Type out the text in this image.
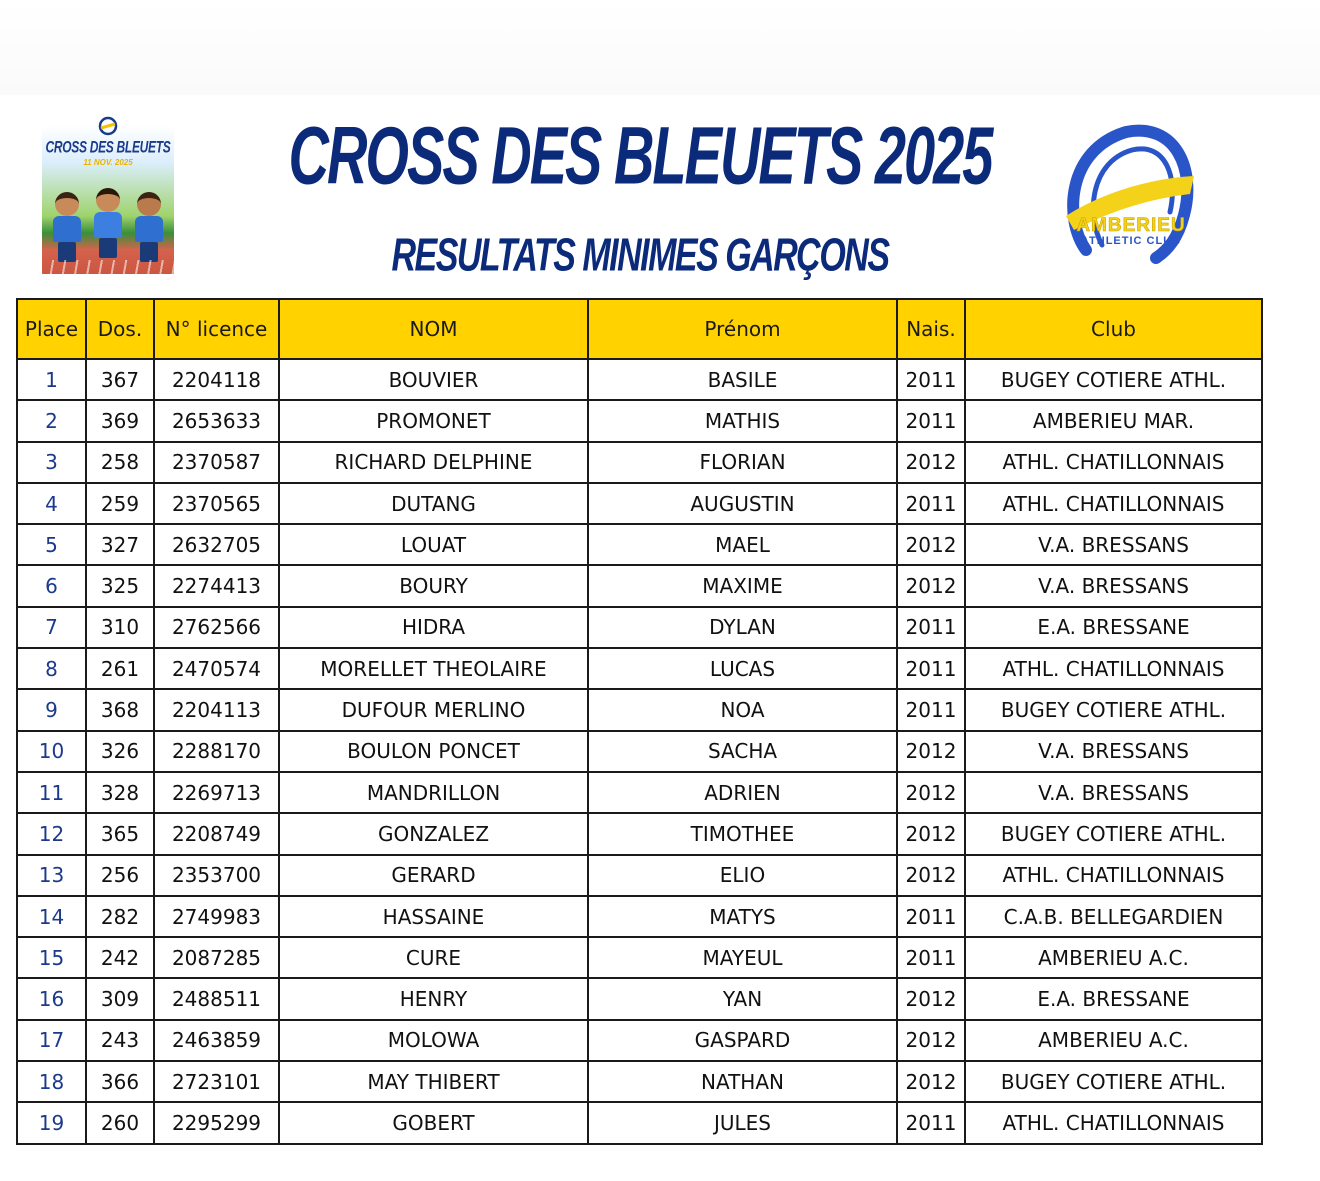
CROSS DES BLEUETS
11 NOV. 2025	CROSS DES BLEUETS 2025
RESULTATS MINIMES GARÇONS
AMBERIEU
ATHLETIC CLUB
Place	Dos.	N° licence	NOM	Prénom	Nais.	Club
1	367	2204118	BOUVIER	BASILE	2011	BUGEY COTIERE ATHL.
2	369	2653633	PROMONET	MATHIS	2011	AMBERIEU MAR.
3	258	2370587	RICHARD DELPHINE	FLORIAN	2012	ATHL. CHATILLONNAIS
4	259	2370565	DUTANG	AUGUSTIN	2011	ATHL. CHATILLONNAIS
5	327	2632705	LOUAT	MAEL	2012	V.A. BRESSANS
6	325	2274413	BOURY	MAXIME	2012	V.A. BRESSANS
7	310	2762566	HIDRA	DYLAN	2011	E.A. BRESSANE
8	261	2470574	MORELLET THEOLAIRE	LUCAS	2011	ATHL. CHATILLONNAIS
9	368	2204113	DUFOUR MERLINO	NOA	2011	BUGEY COTIERE ATHL.
10	326	2288170	BOULON PONCET	SACHA	2012	V.A. BRESSANS
11	328	2269713	MANDRILLON	ADRIEN	2012	V.A. BRESSANS
12	365	2208749	GONZALEZ	TIMOTHEE	2012	BUGEY COTIERE ATHL.
13	256	2353700	GERARD	ELIO	2012	ATHL. CHATILLONNAIS
14	282	2749983	HASSAINE	MATYS	2011	C.A.B. BELLEGARDIEN
15	242	2087285	CURE	MAYEUL	2011	AMBERIEU A.C.
16	309	2488511	HENRY	YAN	2012	E.A. BRESSANE
17	243	2463859	MOLOWA	GASPARD	2012	AMBERIEU A.C.
18	366	2723101	MAY THIBERT	NATHAN	2012	BUGEY COTIERE ATHL.
19	260	2295299	GOBERT	JULES	2011	ATHL. CHATILLONNAIS
